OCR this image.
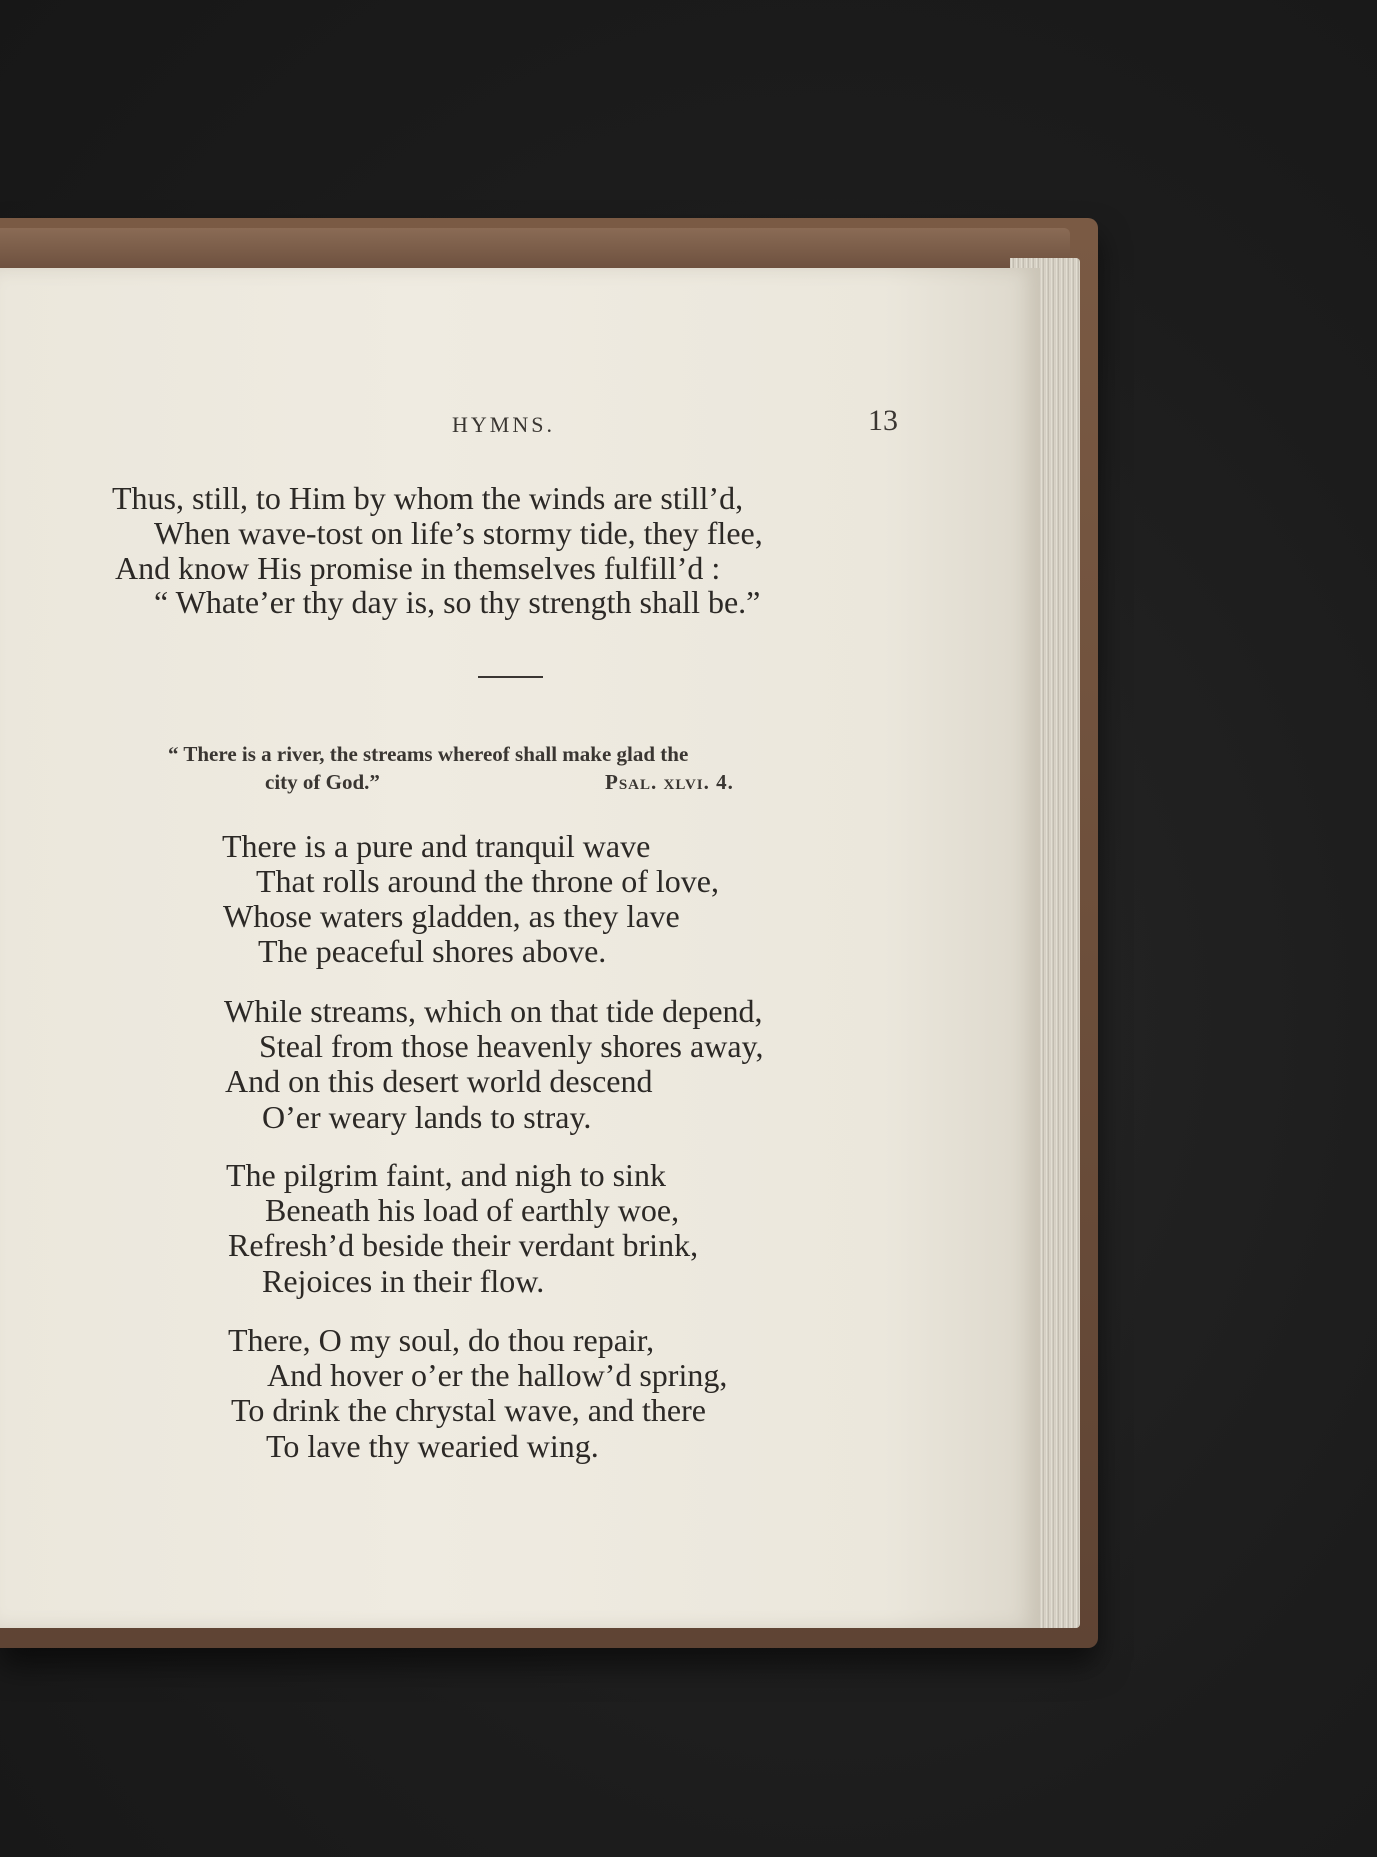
HYMNS.	13
Thus, still, to Him by whom the winds are still’d,
When wave-tost on life’s stormy tide, they flee,
And know His promise in themselves fulfill’d :
“ Whate’er thy day is, so thy strength shall be.”
“ There is a river, the streams whereof shall make glad the
city of God.”	Psal. xlvi. 4.
There is a pure and tranquil wave
That rolls around the throne of love,
Whose waters gladden, as they lave
The peaceful shores above.
While streams, which on that tide depend,
Steal from those heavenly shores away,
And on this desert world descend
O’er weary lands to stray.
The pilgrim faint, and nigh to sink
Beneath his load of earthly woe,
Refresh’d beside their verdant brink,
Rejoices in their flow.
There, O my soul, do thou repair,
And hover o’er the hallow’d spring,
To drink the chrystal wave, and there
To lave thy wearied wing.
